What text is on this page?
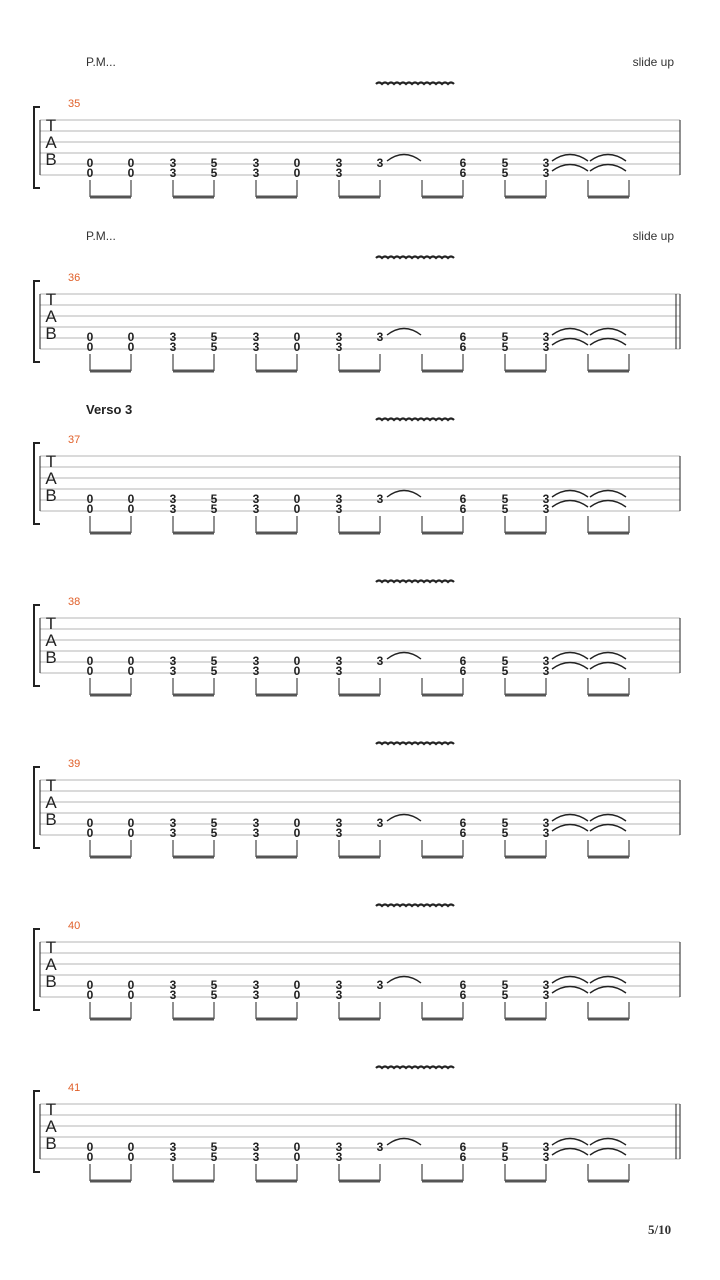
T
A
B
35
P.M...	slide up
0	0	3	5	3	0	3	3	6	5	3
0	0	3	5	3	0	3	6	5	3
T
A
B
36
P.M...	slide up
0	0	3	5	3	0	3	3	6	5	3
0	0	3	5	3	0	3	6	5	3
T
A
B
37
Verso 3
0	0	3	5	3	0	3	3	6	5	3
0	0	3	5	3	0	3	6	5	3
T
A
B
38
0	0	3	5	3	0	3	3	6	5	3
0	0	3	5	3	0	3	6	5	3
T
A
B
39
0	0	3	5	3	0	3	3	6	5	3
0	0	3	5	3	0	3	6	5	3
T
A
B
40
0	0	3	5	3	0	3	3	6	5	3
0	0	3	5	3	0	3	6	5	3
T
A
B
41
0	0	3	5	3	0	3	3	6	5	3
0	0	3	5	3	0	3	6	5	3
5/10
